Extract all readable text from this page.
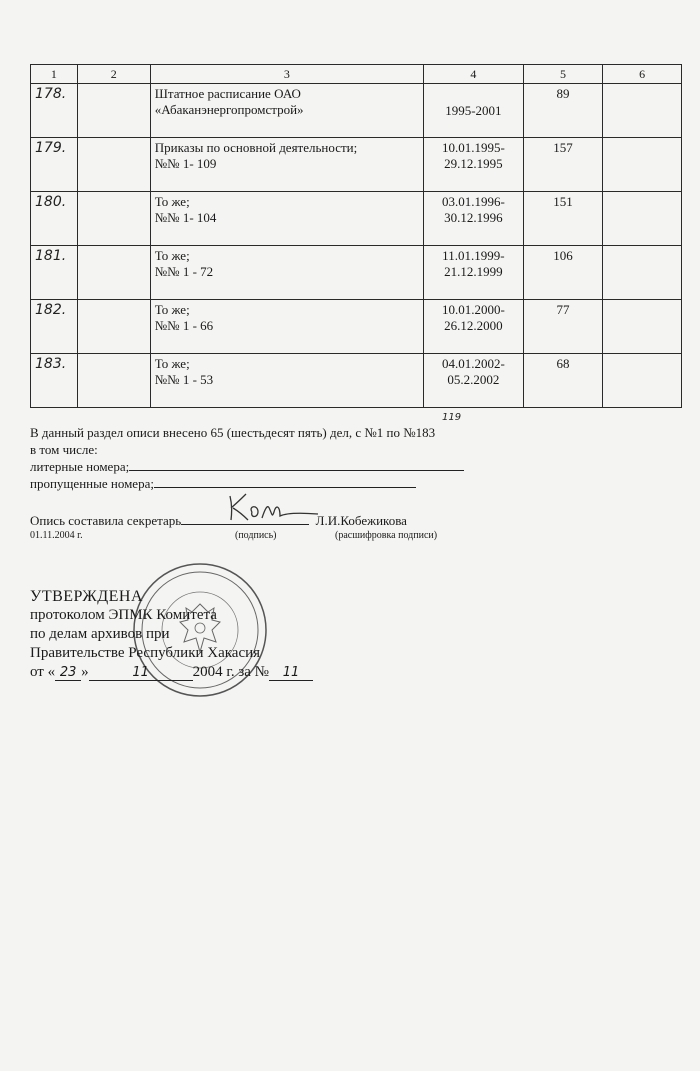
1	2	3	4	5	6
178.		Штатное расписание ОАО
«Абаканэнергопромстрой»	1995-2001	89	
179.		Приказы по основной деятельности;
№№ 1- 109	10.01.1995-
29.12.1995	157	
180.		То же;
№№ 1- 104	03.01.1996-
30.12.1996	151	
181.		То же;
№№ 1 - 72	11.01.1999-
21.12.1999	106	
182.		То же;
№№ 1 - 66	10.01.2000-
26.12.2000	77	
183.		То же;
№№ 1 - 53	04.01.2002-
05.2.2002	68	
119
В данный раздел описи внесено 65 (шестьдесят пять) дел, с №1 по №183
в том числе:
литерные номера;
пропущенные номера;
Опись составила секретарь	Л.И.Кобежикова
01.11.2004 г.	(подпись)	(расшифровка подписи)
УТВЕРЖДЕНА
протоколом ЭПМК Комитета
по делам архивов при
Правительстве Республики Хакасия
от « 23 »	11	2004 г. за № 11
